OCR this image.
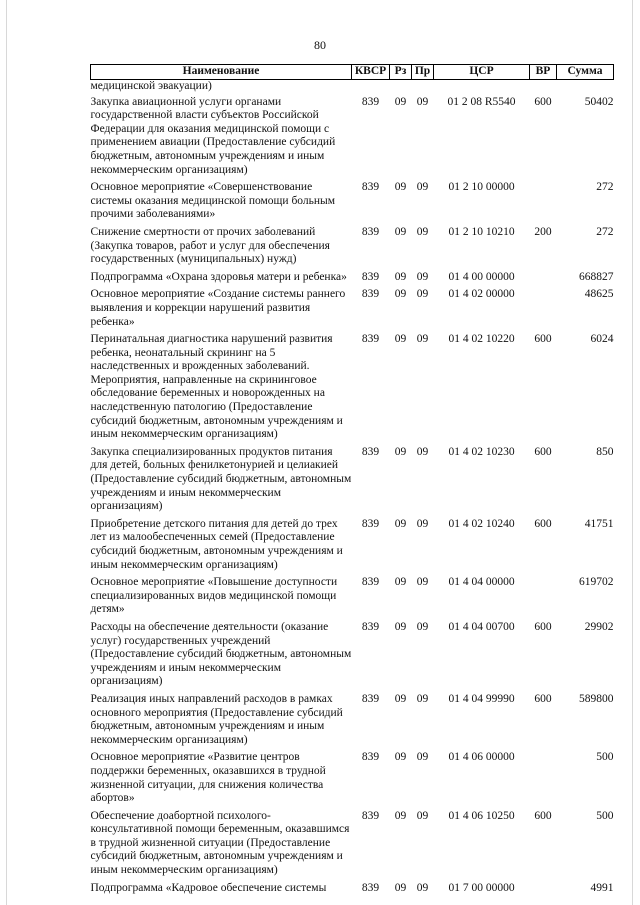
80
Наименование	КВСР	Рз	Пр	ЦСР	ВР	Сумма
медицинской эвакуации)						
Закупка авиационной услуги органами государственной власти субъектов Российской Федерации для оказания медицинской помощи с применением авиации (Предоставление субсидий бюджетным, автономным учреждениям и иным некоммерческим организациям)	839	09	09	01 2 08 R5540	600	50402
Основное мероприятие «Совершенствование системы оказания медицинской помощи больным прочими заболеваниями»	839	09	09	01 2 10 00000		272
Снижение смертности от прочих заболеваний (Закупка товаров, работ и услуг для обеспечения государственных (муниципальных) нужд)	839	09	09	01 2 10 10210	200	272
Подпрограмма «Охрана здоровья матери и ребенка»	839	09	09	01 4 00 00000		668827
Основное мероприятие «Создание системы раннего выявления и коррекции нарушений развития ребенка»	839	09	09	01 4 02 00000		48625
Перинатальная диагностика нарушений развития ребенка, неонатальный скрининг на 5 наследственных и врожденных заболеваний. Мероприятия, направленные на скрининговое обследование беременных и новорожденных на наследственную патологию (Предоставление субсидий бюджетным, автономным учреждениям и иным некоммерческим организациям)	839	09	09	01 4 02 10220	600	6024
Закупка специализированных продуктов питания для детей, больных фенилкетонурией и целиакией (Предоставление субсидий бюджетным, автономным учреждениям и иным некоммерческим организациям)	839	09	09	01 4 02 10230	600	850
Приобретение детского питания для детей до трех лет из малообеспеченных семей (Предоставление субсидий бюджетным, автономным учреждениям и иным некоммерческим организациям)	839	09	09	01 4 02 10240	600	41751
Основное мероприятие «Повышение доступности специализированных видов медицинской помощи детям»	839	09	09	01 4 04 00000		619702
Расходы на обеспечение деятельности (оказание услуг) государственных учреждений (Предоставление субсидий бюджетным, автономным учреждениям и иным некоммерческим организациям)	839	09	09	01 4 04 00700	600	29902
Реализация иных направлений расходов в рамках основного мероприятия (Предоставление субсидий бюджетным, автономным учреждениям и иным некоммерческим организациям)	839	09	09	01 4 04 99990	600	589800
Основное мероприятие «Развитие центров поддержки беременных, оказавшихся в трудной жизненной ситуации, для снижения количества абортов»	839	09	09	01 4 06 00000		500
Обеспечение доабортной психолого-консультативной помощи беременным, оказавшимся в трудной жизненной ситуации (Предоставление субсидий бюджетным, автономным учреждениям и иным некоммерческим организациям)	839	09	09	01 4 06 10250	600	500
Подпрограмма «Кадровое обеспечение системы	839	09	09	01 7 00 00000		4991
